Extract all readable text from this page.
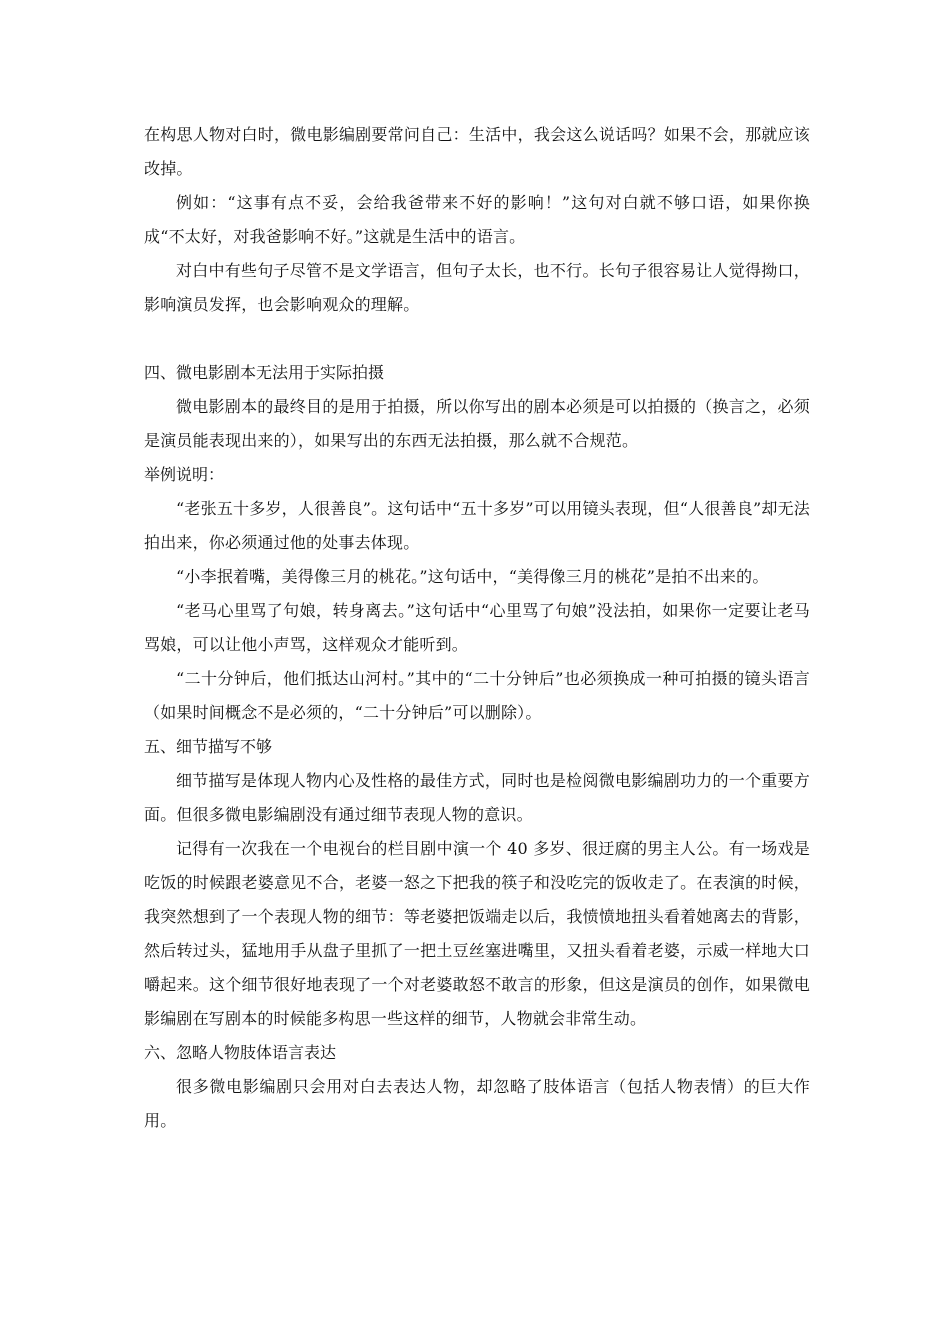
在构思人物对白时，微电影编剧要常问自己：生活中，我会这么说话吗？如果不会，那就应该改掉。

例如：“这事有点不妥，会给我爸带来不好的影响！”这句对白就不够口语，如果你换成“不太好，对我爸影响不好。”这就是生活中的语言。

对白中有些句子尽管不是文学语言，但句子太长，也不行。长句子很容易让人觉得拗口，影响演员发挥，也会影响观众的理解。

四、微电影剧本无法用于实际拍摄

微电影剧本的最终目的是用于拍摄，所以你写出的剧本必须是可以拍摄的（换言之，必须是演员能表现出来的），如果写出的东西无法拍摄，那么就不合规范。

举例说明：

“老张五十多岁，人很善良”。这句话中“五十多岁”可以用镜头表现，但“人很善良”却无法拍出来，你必须通过他的处事去体现。

“小李抿着嘴，美得像三月的桃花。”这句话中，“美得像三月的桃花”是拍不出来的。

“老马心里骂了句娘，转身离去。”这句话中“心里骂了句娘”没法拍，如果你一定要让老马骂娘，可以让他小声骂，这样观众才能听到。

“二十分钟后，他们抵达山河村。”其中的“二十分钟后”也必须换成一种可拍摄的镜头语言（如果时间概念不是必须的，“二十分钟后”可以删除）。

五、细节描写不够

细节描写是体现人物内心及性格的最佳方式，同时也是检阅微电影编剧功力的一个重要方面。但很多微电影编剧没有通过细节表现人物的意识。

记得有一次我在一个电视台的栏目剧中演一个 40 多岁、很迂腐的男主人公。有一场戏是吃饭的时候跟老婆意见不合，老婆一怒之下把我的筷子和没吃完的饭收走了。在表演的时候，我突然想到了一个表现人物的细节：等老婆把饭端走以后，我愤愤地扭头看着她离去的背影，然后转过头，猛地用手从盘子里抓了一把土豆丝塞进嘴里，又扭头看着老婆，示威一样地大口嚼起来。这个细节很好地表现了一个对老婆敢怒不敢言的形象，但这是演员的创作，如果微电影编剧在写剧本的时候能多构思一些这样的细节，人物就会非常生动。

六、忽略人物肢体语言表达

很多微电影编剧只会用对白去表达人物，却忽略了肢体语言（包括人物表情）的巨大作用。
